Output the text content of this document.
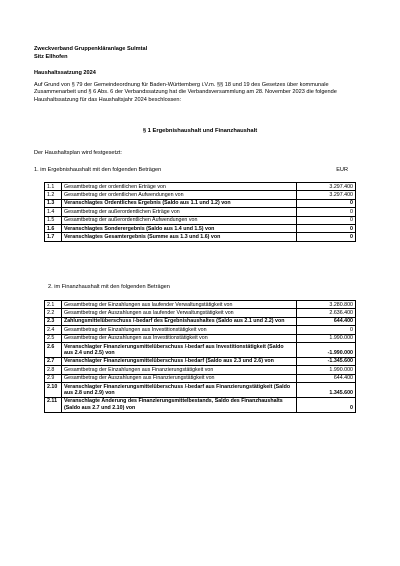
Zweckverband Gruppenkläranlage Sulmtal
Sitz Ellhofen
Haushaltssatzung 2024
Auf Grund von § 79 der Gemeindeordnung für Baden-Württemberg i.V.m. §§ 18 und 19 des Gesetzes über kommunale Zusammenarbeit und § 6 Abs. 6 der Verbandssatzung hat die Verbandsversammlung am 28. November 2023 die folgende Haushaltssatzung für das Haushaltsjahr 2024 beschlossen:
§ 1 Ergebnishaushalt und Finanzhaushalt
Der Haushaltsplan wird festgesetzt:
1. im Ergebnishaushalt mit den folgenden Beträgen	EUR
1.1	Gesamtbetrag der ordentlichen Erträge von	3.297.400
1.2	Gesamtbetrag der ordentlichen Aufwendungen von	3.297.400
1.3	Veranschlagtes Ordentliches Ergebnis (Saldo aus 1.1 und 1.2) von	0
1.4	Gesamtbetrag der außerordentlichen Erträge von	0
1.5	Gesamtbetrag der außerordentlichen Aufwendungen von	0
1.6	Veranschlagtes Sonderergebnis (Saldo aus 1.4 und 1.5) von	0
1.7	Veranschlagtes Gesamtergebnis (Summe aus 1.3 und 1.6) von	0
2. im Finanzhaushalt mit den folgenden Beträgen
2.1	Gesamtbetrag der Einzahlungen aus laufender Verwaltungstätigkeit von	3.280.800
2.2	Gesamtbetrag der Auszahlungen aus laufender Verwaltungstätigkeit von	2.636.400
2.3	Zahlungsmittelüberschuss /-bedarf des Ergebnishaushaltes (Saldo aus 2.1 und 2.2) von	644.400
2.4	Gesamtbetrag der Einzahlungen aus Investitionstätigkeit von	0
2.5	Gesamtbetrag der Auszahlungen aus Investitionstätigkeit von	1.990.000
2.6	Veranschlagter Finanzierungsmittelüberschuss /-bedarf aus Investitionstätigkeit (Saldo aus 2.4 und 2.5) von	-1.990.000
2.7	Veranschlagter Finanzierungsmittelüberschuss /-bedarf (Saldo aus 2.3 und 2.6) von	-1.345.600
2.8	Gesamtbetrag der Einzahlungen aus Finanzierungstätigkeit von	1.990.000
2.9	Gesamtbetrag der Auszahlungen aus Finanzierungstätigkeit von	644.400
2.10	Veranschlagter Finanzierungsmittelüberschuss /-bedarf aus Finanzierungstätigkeit (Saldo aus 2.8 und 2.9) von	1.345.600
2.11	Veranschlagte Änderung des Finanzierungsmittelbestands, Saldo des Finanzhaushalts (Saldo aus 2.7 und 2.10) von	0
